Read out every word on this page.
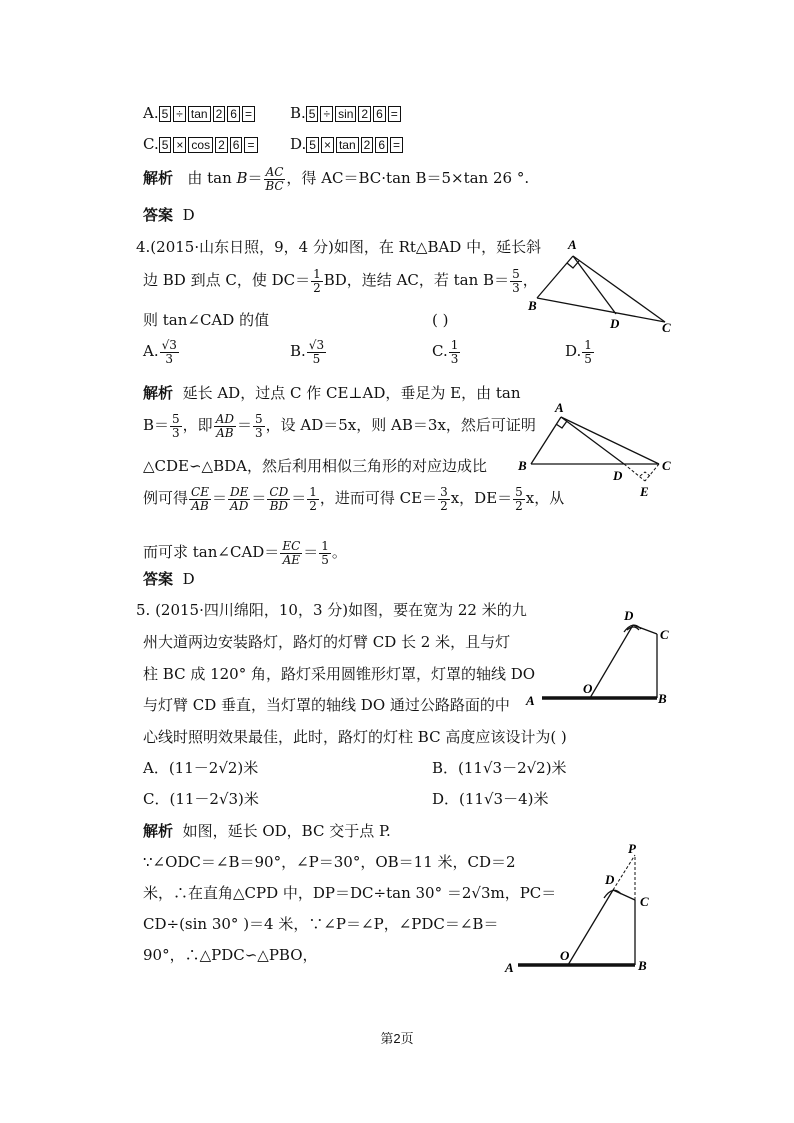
A. 5 ÷ tan 2 6 =	B. 5 ÷ sin 2 6 =
C. 5 × cos 2 6 =	D. 5 × tan 2 6 =
解析 由 $\tan B= \frac{AC}{BC}$ ，得 AC＝BC·tan B＝5×tan 26 °.
答案 D
4.(2015·山东日照，9，4 分)如图，在 Rt△BAD 中，延长斜
边 BD 到点 C，使 $DC= \frac{1}{2}$ BD，连结 AC，若 $\tan B= \frac{5}{3}$ ，
则 tan∠CAD 的值	( )
A. $\frac{√3}{3}$	B. $\frac{√3}{5}$	C. $\frac{1}{3}$	D. $\frac{1}{5}$
解析 延长 AD，过点 C 作 CE⊥AD，垂足为 E，由 tan
$B= \frac{5}{3}$ ，即 $\frac{AD}{AB} = \frac{5}{3}$ ，设 AD＝5x，则 AB＝3x，然后可证明
△CDE∽△BDA，然后利用相似三角形的对应边成比
例可得 $\frac{CE}{AB} = \frac{DE}{AD} = \frac{CD}{BD} = \frac{1}{2}$ ，进而可得 $CE= \frac{3}{2}$ x，$DE= \frac{5}{2}$ x，从
而可求 tan∠CAD＝ $\frac{EC}{AE} = \frac{1}{5}$ 。
答案 D
5. (2015·四川绵阳，10，3 分)如图，要在宽为 22 米的九
州大道两边安装路灯，路灯的灯臂 CD 长 2 米，且与灯
柱 BC 成 120° 角，路灯采用圆锥形灯罩，灯罩的轴线 DO
与灯臂 CD 垂直，当灯罩的轴线 DO 通过公路路面的中
心线时照明效果最佳，此时，路灯的灯柱 BC 高度应该设计为( )
A．(11－2√2)米	B．(11√3－2√2)米
C．(11－2√3)米	D．(11√3－4)米
解析 如图，延长 OD，BC 交于点 P.
∵∠ODC＝∠B＝90°，∠P＝30°，OB＝11 米，CD＝2
米，∴在直角△CPD 中，DP＝DC÷tan 30° ＝2√3m，PC＝
CD÷(sin 30° )＝4 米，∵∠P＝∠P，∠PDC＝∠B＝
90°，∴△PDC∽△PBO，
A
B
D	C
A
B
D
C
E
D
C
A
O
B
P
D
C
A
O
B
第2页
